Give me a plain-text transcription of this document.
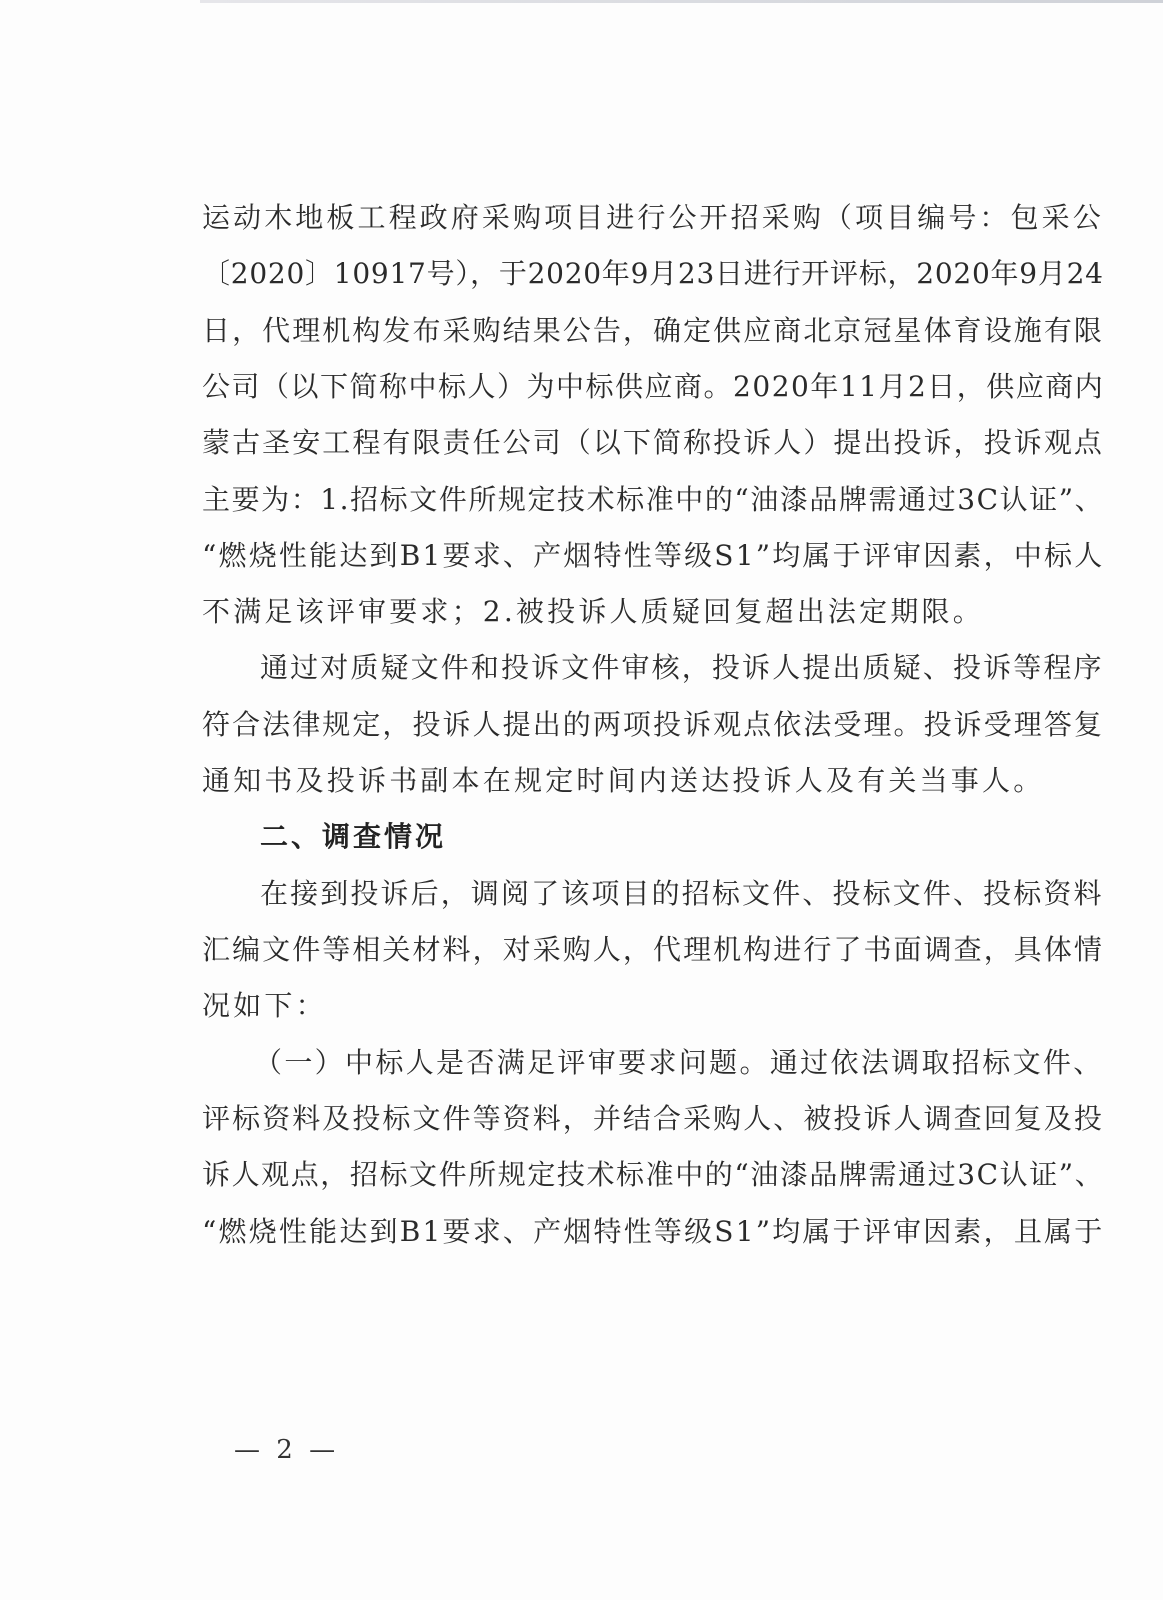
运动木地板工程政府采购项目进行公开招采购（项目编号：包采公
〔2020〕10917号），于2020年9月23日进行开评标，2020年9月24
日，代理机构发布采购结果公告，确定供应商北京冠星体育设施有限
公司（以下简称中标人）为中标供应商。2020年11月2日，供应商内
蒙古圣安工程有限责任公司（以下简称投诉人）提出投诉，投诉观点
主要为：1.招标文件所规定技术标准中的“油漆品牌需通过3C认证”、
“燃烧性能达到B1要求、产烟特性等级S1”均属于评审因素，中标人
不满足该评审要求；2.被投诉人质疑回复超出法定期限。
通过对质疑文件和投诉文件审核，投诉人提出质疑、投诉等程序
符合法律规定，投诉人提出的两项投诉观点依法受理。投诉受理答复
通知书及投诉书副本在规定时间内送达投诉人及有关当事人。
二、调查情况
在接到投诉后，调阅了该项目的招标文件、投标文件、投标资料
汇编文件等相关材料，对采购人，代理机构进行了书面调查，具体情
况如下：
（一）中标人是否满足评审要求问题。通过依法调取招标文件、
评标资料及投标文件等资料，并结合采购人、被投诉人调查回复及投
诉人观点，招标文件所规定技术标准中的“油漆品牌需通过3C认证”、
“燃烧性能达到B1要求、产烟特性等级S1”均属于评审因素，且属于
— 2 —
